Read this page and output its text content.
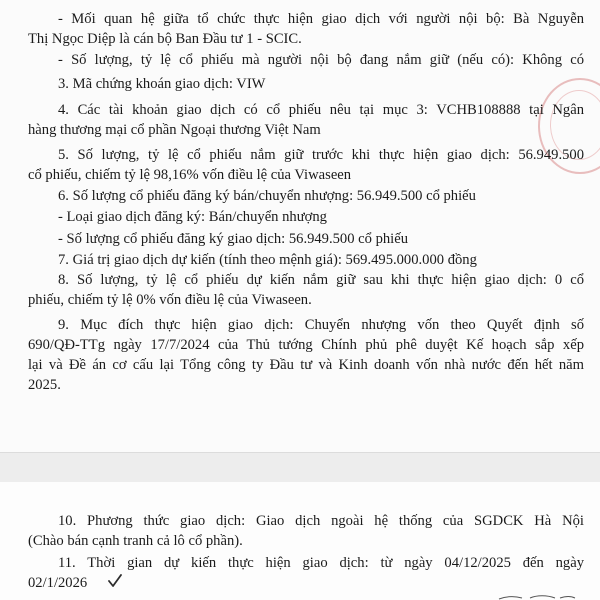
- Mối quan hệ giữa tổ chức thực hiện giao dịch với người nội bộ: Bà Nguyễn
Thị Ngọc Diệp là cán bộ Ban Đầu tư 1 - SCIC.
- Số lượng, tỷ lệ cổ phiếu mà người nội bộ đang nắm giữ (nếu có): Không có
3. Mã chứng khoán giao dịch: VIW
4. Các tài khoản giao dịch có cổ phiếu nêu tại mục 3: VCHB108888 tại Ngân
hàng thương mại cổ phần Ngoại thương Việt Nam
5. Số lượng, tỷ lệ cổ phiếu nắm giữ trước khi thực hiện giao dịch: 56.949.500
cổ phiếu, chiếm tỷ lệ 98,16% vốn điều lệ của Viwaseen
6. Số lượng cổ phiếu đăng ký bán/chuyển nhượng: 56.949.500 cổ phiếu
- Loại giao dịch đăng ký: Bán/chuyển nhượng
- Số lượng cổ phiếu đăng ký giao dịch: 56.949.500 cổ phiếu
7. Giá trị giao dịch dự kiến (tính theo mệnh giá): 569.495.000.000 đồng
8. Số lượng, tỷ lệ cổ phiếu dự kiến nắm giữ sau khi thực hiện giao dịch: 0 cổ
phiếu, chiếm tỷ lệ 0% vốn điều lệ của Viwaseen.
9. Mục đích thực hiện giao dịch: Chuyển nhượng vốn theo Quyết định số
690/QĐ-TTg ngày 17/7/2024 của Thủ tướng Chính phủ phê duyệt Kế hoạch sắp xếp
lại và Đề án cơ cấu lại Tổng công ty Đầu tư và Kinh doanh vốn nhà nước đến hết năm
2025.
10. Phương thức giao dịch: Giao dịch ngoài hệ thống của SGDCK Hà Nội
(Chào bán cạnh tranh cả lô cổ phần).
11. Thời gian dự kiến thực hiện giao dịch: từ ngày 04/12/2025 đến ngày
02/1/2026
